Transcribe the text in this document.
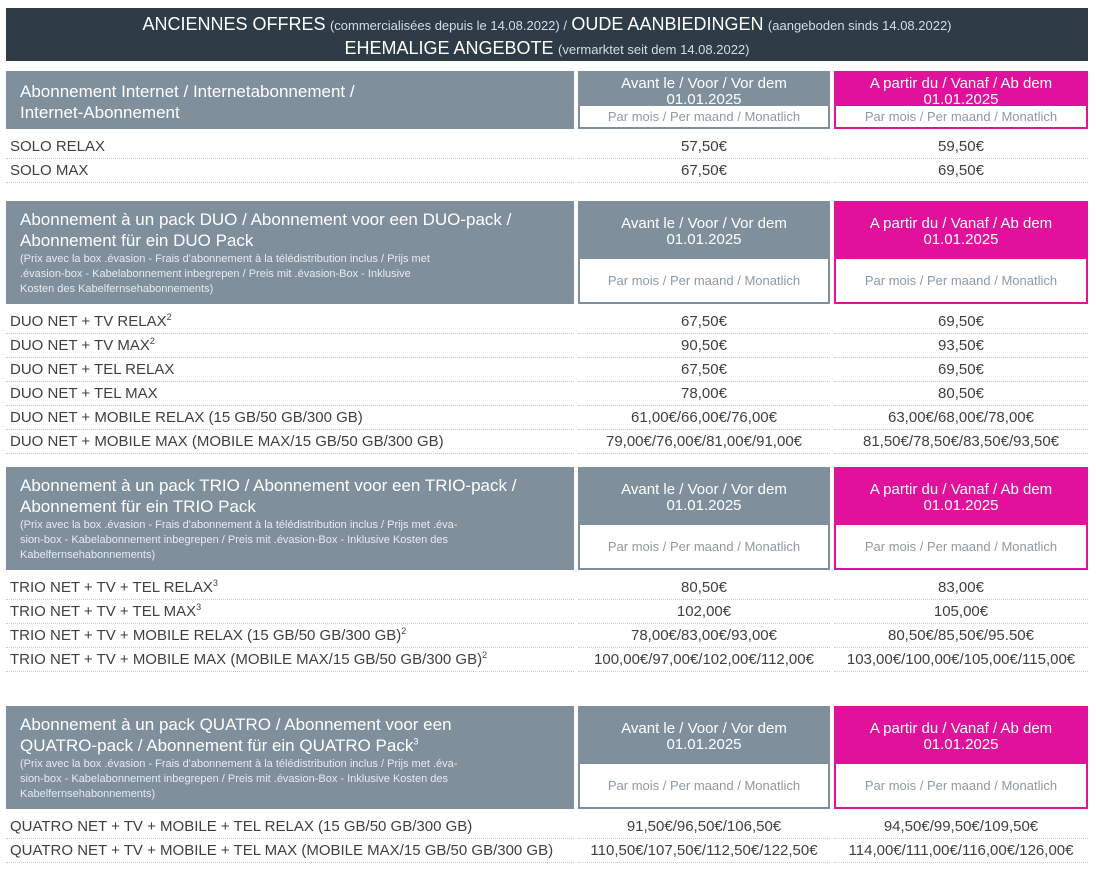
ANCIENNES OFFRES (commercialisées depuis le 14.08.2022) / OUDE AANBIEDINGEN (aangeboden sinds 14.08.2022)
EHEMALIGE ANGEBOTE (vermarktet seit dem 14.08.2022)
Abonnement Internet / Internetabonnement /
Internet-Abonnement
Avant le / Voor / Vor dem
01.01.2025
Par mois / Per maand / Monatlich
A partir du / Vanaf / Ab dem
01.01.2025
Par mois / Per maand / Monatlich
SOLO RELAX	57,50€	59,50€
SOLO MAX	67,50€	69,50€
Abonnement à un pack DUO / Abonnement voor een DUO-pack /
Abonnement für ein DUO Pack
(Prix avec la box .évasion - Frais d'abonnement à la télédistribution inclus / Prijs met
.évasion-box - Kabelabonnement inbegrepen / Preis mit .évasion-Box - Inklusive
Kosten des Kabelfernsehabonnements)
Avant le / Voor / Vor dem
01.01.2025
Par mois / Per maand / Monatlich
A partir du / Vanaf / Ab dem
01.01.2025
Par mois / Per maand / Monatlich
DUO NET + TV RELAX$^2$	67,50€	69,50€
DUO NET + TV MAX$^2$	90,50€	93,50€
DUO NET + TEL RELAX	67,50€	69,50€
DUO NET + TEL MAX	78,00€	80,50€
DUO NET + MOBILE RELAX (15 GB/50 GB/300 GB)	61,00€/66,00€/76,00€	63,00€/68,00€/78,00€
DUO NET + MOBILE MAX (MOBILE MAX/15 GB/50 GB/300 GB)	79,00€/76,00€/81,00€/91,00€	81,50€/78,50€/83,50€/93,50€
Abonnement à un pack TRIO / Abonnement voor een TRIO-pack /
Abonnement für ein TRIO Pack
(Prix avec la box .évasion - Frais d'abonnement à la télédistribution inclus / Prijs met .éva-
sion-box - Kabelabonnement inbegrepen / Preis mit .évasion-Box - Inklusive Kosten des
Kabelfernsehabonnements)
Avant le / Voor / Vor dem
01.01.2025
Par mois / Per maand / Monatlich
A partir du / Vanaf / Ab dem
01.01.2025
Par mois / Per maand / Monatlich
TRIO NET + TV + TEL RELAX$^3$	80,50€	83,00€
TRIO NET + TV + TEL MAX$^3$	102,00€	105,00€
TRIO NET + TV + MOBILE RELAX (15 GB/50 GB/300 GB)$^2$	78,00€/83,00€/93,00€	80,50€/85,50€/95.50€
TRIO NET + TV + MOBILE MAX (MOBILE MAX/15 GB/50 GB/300 GB)$^2$	100,00€/97,00€/102,00€/112,00€	103,00€/100,00€/105,00€/115,00€
Abonnement à un pack QUATRO / Abonnement voor een
QUATRO-pack / Abonnement für ein QUATRO Pack$^3$
(Prix avec la box .évasion - Frais d'abonnement à la télédistribution inclus / Prijs met .éva-
sion-box - Kabelabonnement inbegrepen / Preis mit .évasion-Box - Inklusive Kosten des
Kabelfernsehabonnements)
Avant le / Voor / Vor dem
01.01.2025
Par mois / Per maand / Monatlich
A partir du / Vanaf / Ab dem
01.01.2025
Par mois / Per maand / Monatlich
QUATRO NET + TV + MOBILE + TEL RELAX (15 GB/50 GB/300 GB)	91,50€/96,50€/106,50€	94,50€/99,50€/109,50€
QUATRO NET + TV + MOBILE + TEL MAX (MOBILE MAX/15 GB/50 GB/300 GB)	110,50€/107,50€/112,50€/122,50€	114,00€/111,00€/116,00€/126,00€
